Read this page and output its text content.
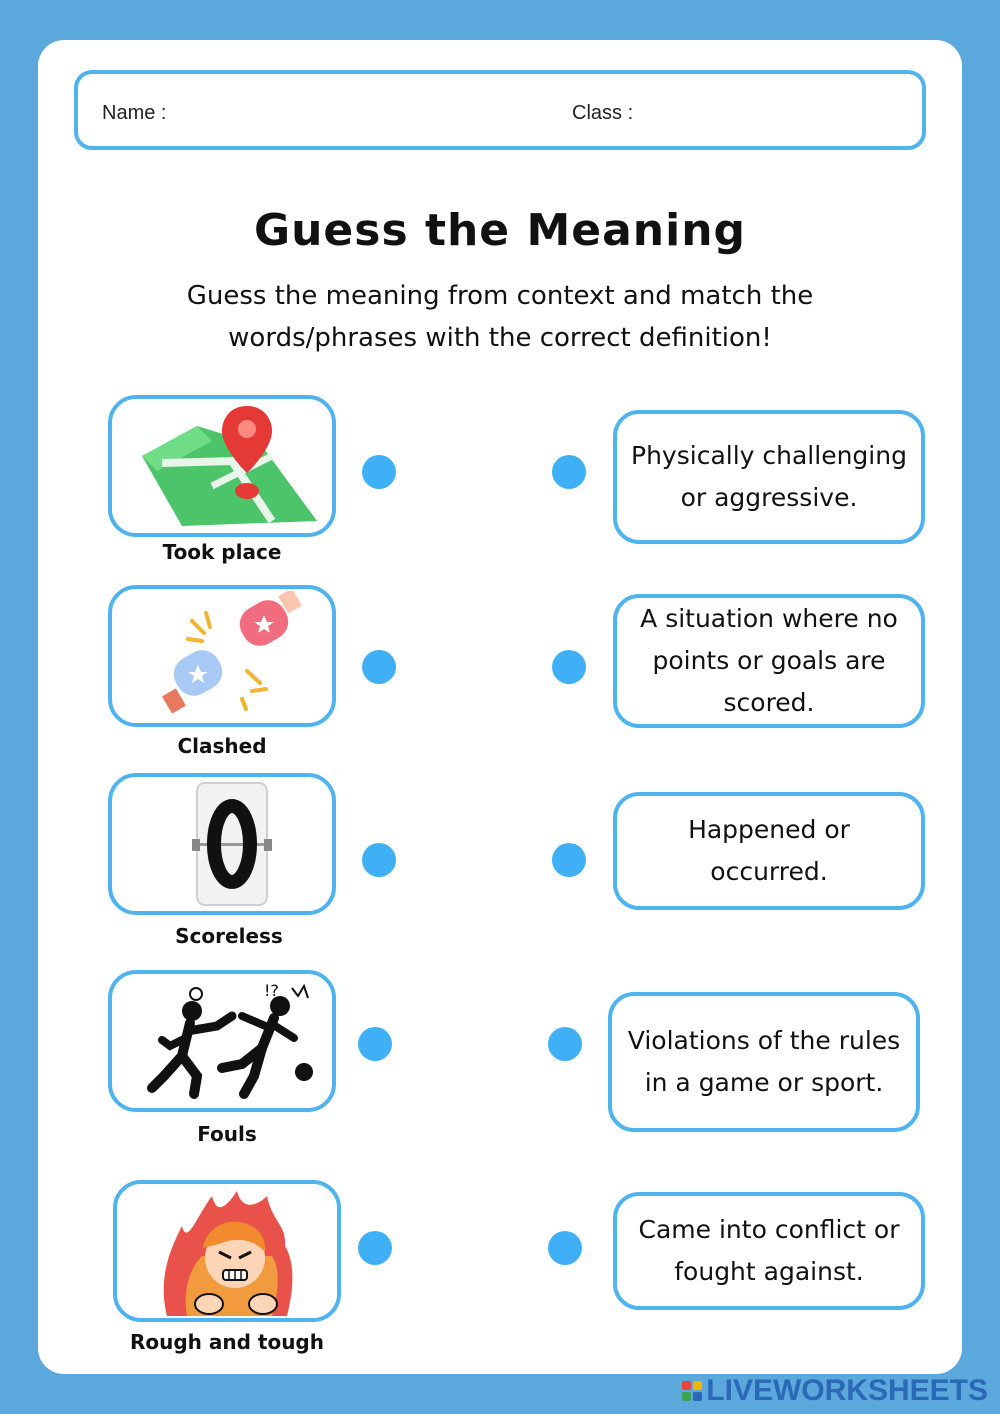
Name :	Class :
Guess the Meaning
Guess the meaning from context and match the words/phrases with the correct definition!
Took place
Clashed
Scoreless
!?
Fouls
Rough and tough
Physically challenging or aggressive.
A situation where no points or goals are scored.
Happened or occurred.
Violations of the rules in a game or sport.
Came into conflict or fought against.
LIVEWORKSHEETS
